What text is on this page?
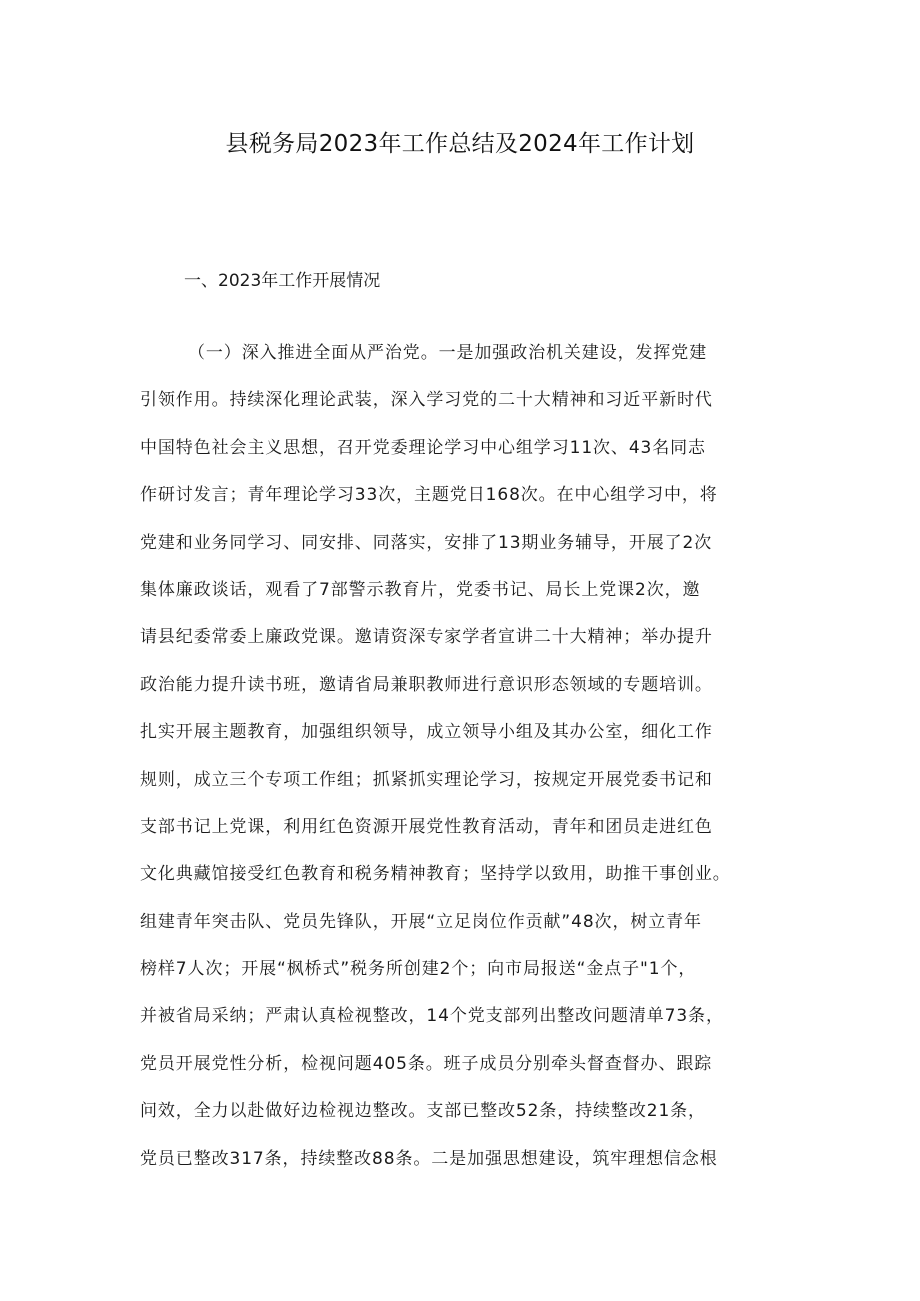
县税务局2023年工作总结及2024年工作计划
一、2023年工作开展情况
（一）深入推进全面从严治党。一是加强政治机关建设，发挥党建
引领作用。持续深化理论武装，深入学习党的二十大精神和习近平新时代
中国特色社会主义思想，召开党委理论学习中心组学习11次、43名同志
作研讨发言；青年理论学习33次，主题党日168次。在中心组学习中，将
党建和业务同学习、同安排、同落实，安排了13期业务辅导，开展了2次
集体廉政谈话，观看了7部警示教育片，党委书记、局长上党课2次，邀
请县纪委常委上廉政党课。邀请资深专家学者宣讲二十大精神；举办提升
政治能力提升读书班，邀请省局兼职教师进行意识形态领域的专题培训。
扎实开展主题教育，加强组织领导，成立领导小组及其办公室，细化工作
规则，成立三个专项工作组；抓紧抓实理论学习，按规定开展党委书记和
支部书记上党课，利用红色资源开展党性教育活动，青年和团员走进红色
文化典藏馆接受红色教育和税务精神教育；坚持学以致用，助推干事创业。
组建青年突击队、党员先锋队，开展“立足岗位作贡献”48次，树立青年
榜样7人次；开展“枫桥式”税务所创建2个；向市局报送“金点子"1个，
并被省局采纳；严肃认真检视整改，14个党支部列出整改问题清单73条，
党员开展党性分析，检视问题405条。班子成员分别牵头督查督办、跟踪
问效，全力以赴做好边检视边整改。支部已整改52条，持续整改21条，
党员已整改317条，持续整改88条。二是加强思想建设，筑牢理想信念根
